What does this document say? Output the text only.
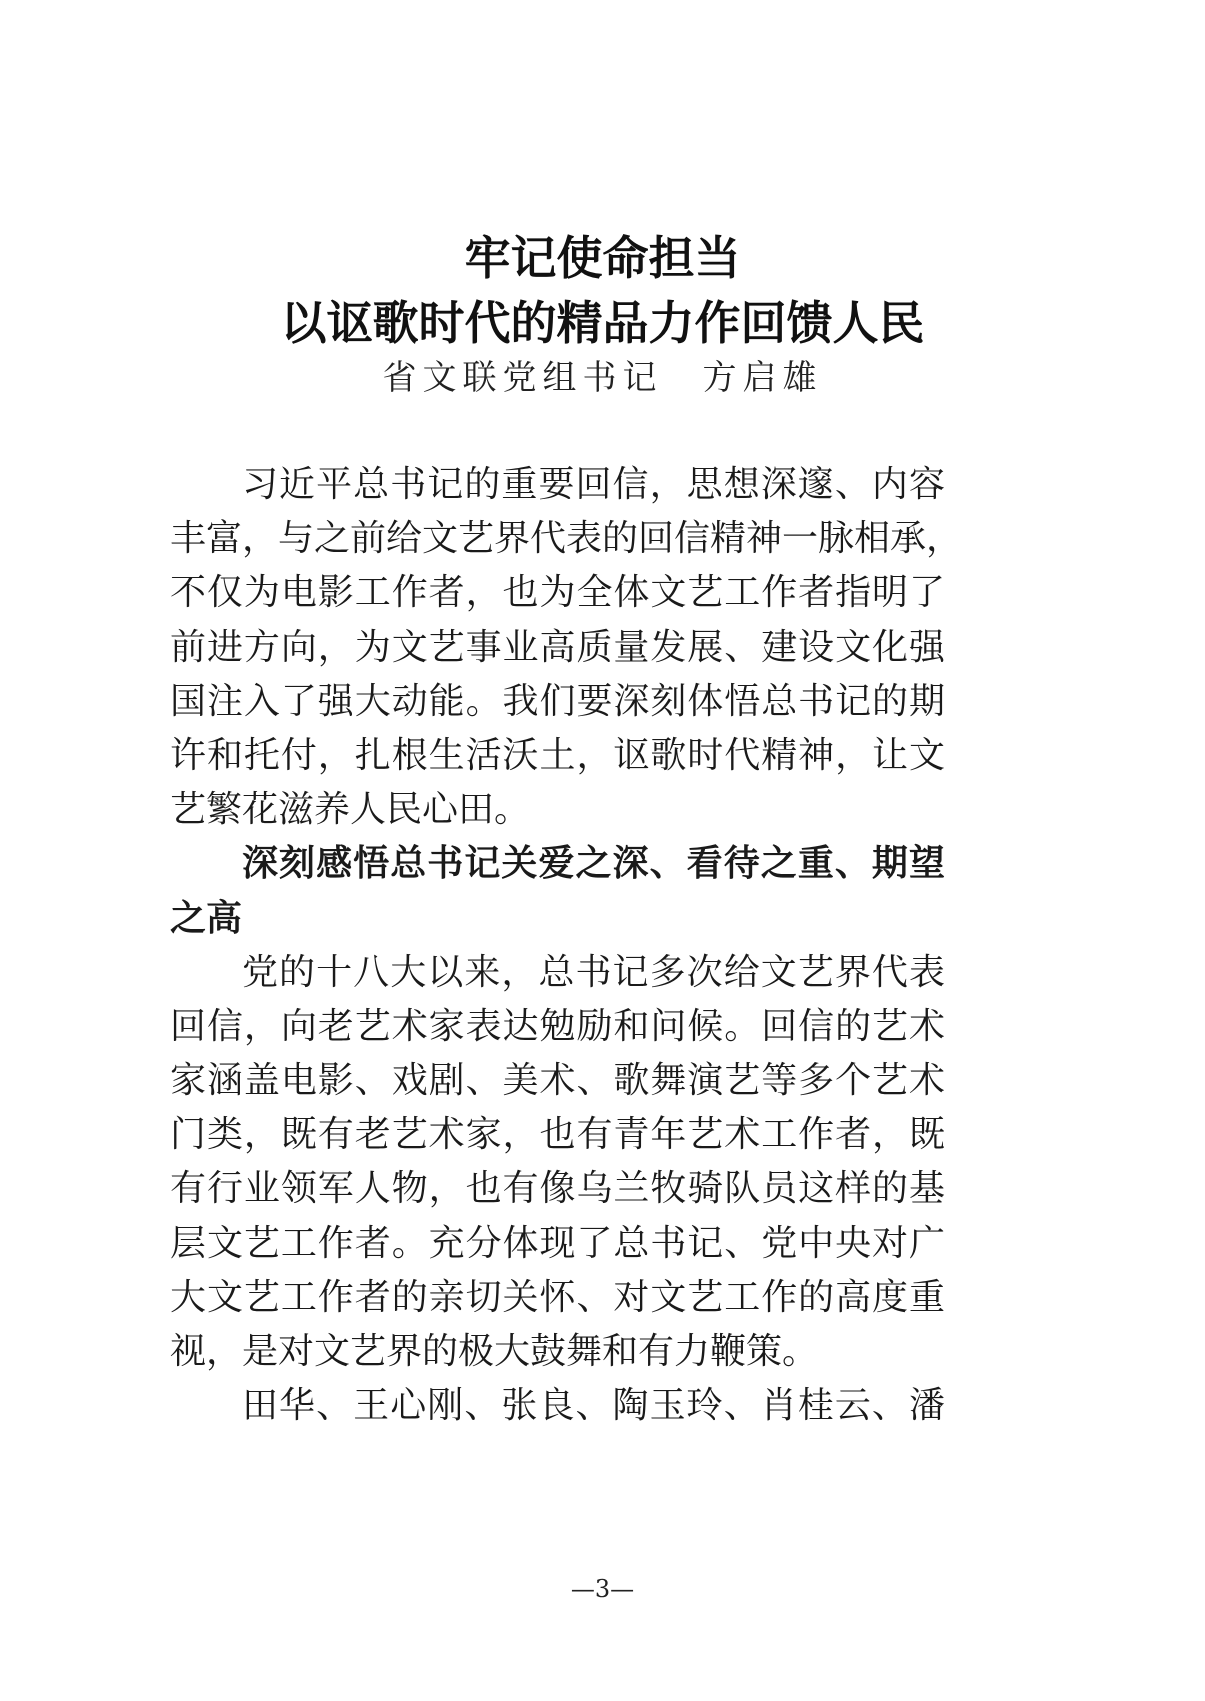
牢记使命担当
以讴歌时代的精品力作回馈人民
省文联党组书记 方启雄
习近平总书记的重要回信，思想深邃、内容
丰富，与之前给文艺界代表的回信精神一脉相承，
不仅为电影工作者，也为全体文艺工作者指明了
前进方向，为文艺事业高质量发展、建设文化强
国注入了强大动能。我们要深刻体悟总书记的期
许和托付，扎根生活沃土，讴歌时代精神，让文
艺繁花滋养人民心田。
深刻感悟总书记关爱之深、看待之重、期望
之高
党的十八大以来，总书记多次给文艺界代表
回信，向老艺术家表达勉励和问候。回信的艺术
家涵盖电影、戏剧、美术、歌舞演艺等多个艺术
门类，既有老艺术家，也有青年艺术工作者，既
有行业领军人物，也有像乌兰牧骑队员这样的基
层文艺工作者。充分体现了总书记、党中央对广
大文艺工作者的亲切关怀、对文艺工作的高度重
视，是对文艺界的极大鼓舞和有力鞭策。
田华、王心刚、张良、陶玉玲、肖桂云、潘
—3—
